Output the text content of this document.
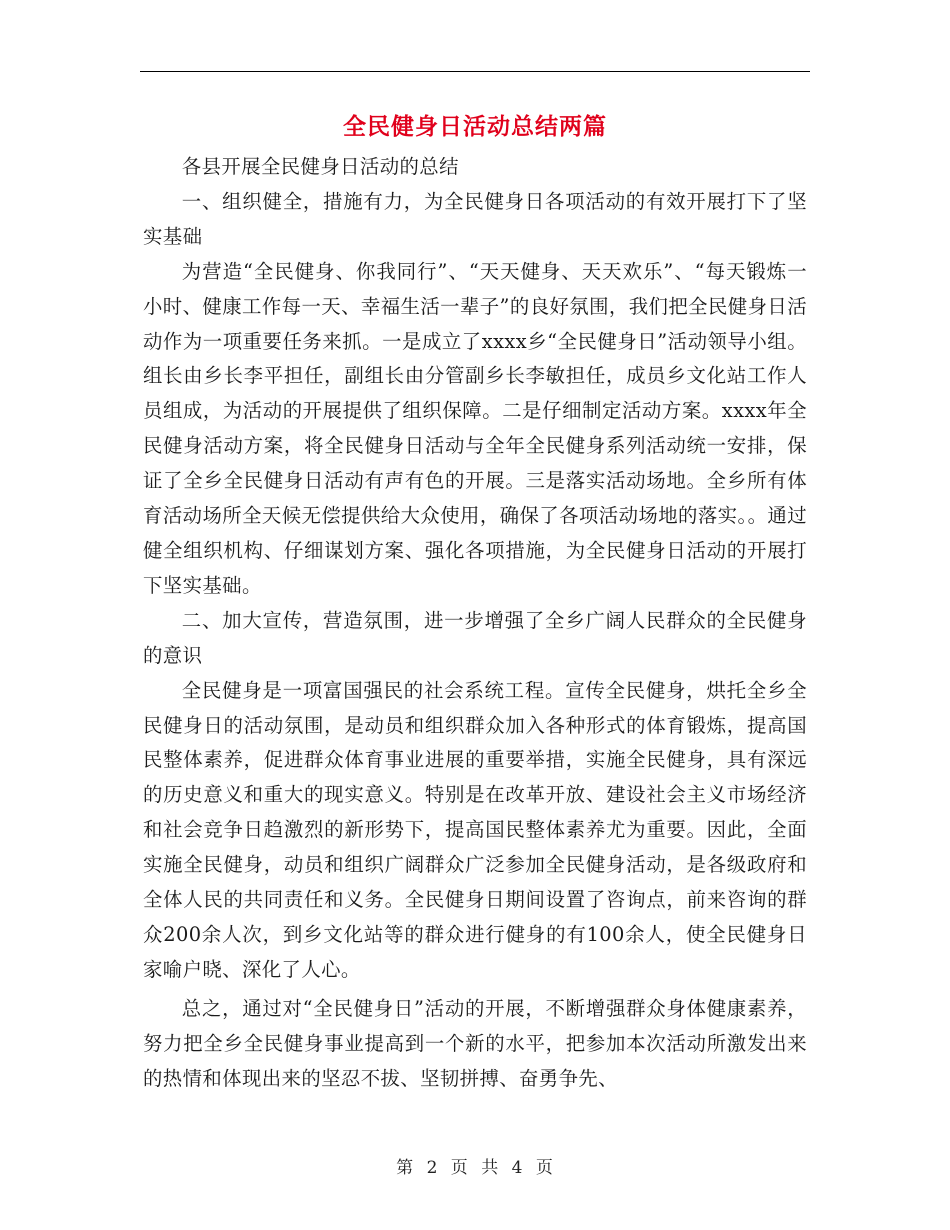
全民健身日活动总结两篇

各县开展全民健身日活动的总结

一、组织健全，措施有力，为全民健身日各项活动的有效开展打下了坚实基础

为营造“全民健身、你我同行”、“天天健身、天天欢乐”、“每天锻炼一小时、健康工作每一天、幸福生活一辈子”的良好氛围，我们把全民健身日活动作为一项重要任务来抓。一是成立了xxxx乡“全民健身日”活动领导小组。组长由乡长李平担任，副组长由分管副乡长李敏担任，成员乡文化站工作人员组成，为活动的开展提供了组织保障。二是仔细制定活动方案。xxxx年全民健身活动方案，将全民健身日活动与全年全民健身系列活动统一安排，保证了全乡全民健身日活动有声有色的开展。三是落实活动场地。全乡所有体育活动场所全天候无偿提供给大众使用，确保了各项活动场地的落实。。通过健全组织机构、仔细谋划方案、强化各项措施，为全民健身日活动的开展打下坚实基础。

二、加大宣传，营造氛围，进一步增强了全乡广阔人民群众的全民健身的意识

全民健身是一项富国强民的社会系统工程。宣传全民健身，烘托全乡全民健身日的活动氛围，是动员和组织群众加入各种形式的体育锻炼，提高国民整体素养，促进群众体育事业进展的重要举措，实施全民健身，具有深远的历史意义和重大的现实意义。特别是在改革开放、建设社会主义市场经济和社会竞争日趋激烈的新形势下，提高国民整体素养尤为重要。因此，全面实施全民健身，动员和组织广阔群众广泛参加全民健身活动，是各级政府和全体人民的共同责任和义务。全民健身日期间设置了咨询点，前来咨询的群众200余人次，到乡文化站等的群众进行健身的有100余人，使全民健身日家喻户晓、深化了人心。

总之，通过对“全民健身日”活动的开展，不断增强群众身体健康素养，努力把全乡全民健身事业提高到一个新的水平，把参加本次活动所激发出来的热情和体现出来的坚忍不拔、坚韧拼搏、奋勇争先、

第 2 页 共 4 页
